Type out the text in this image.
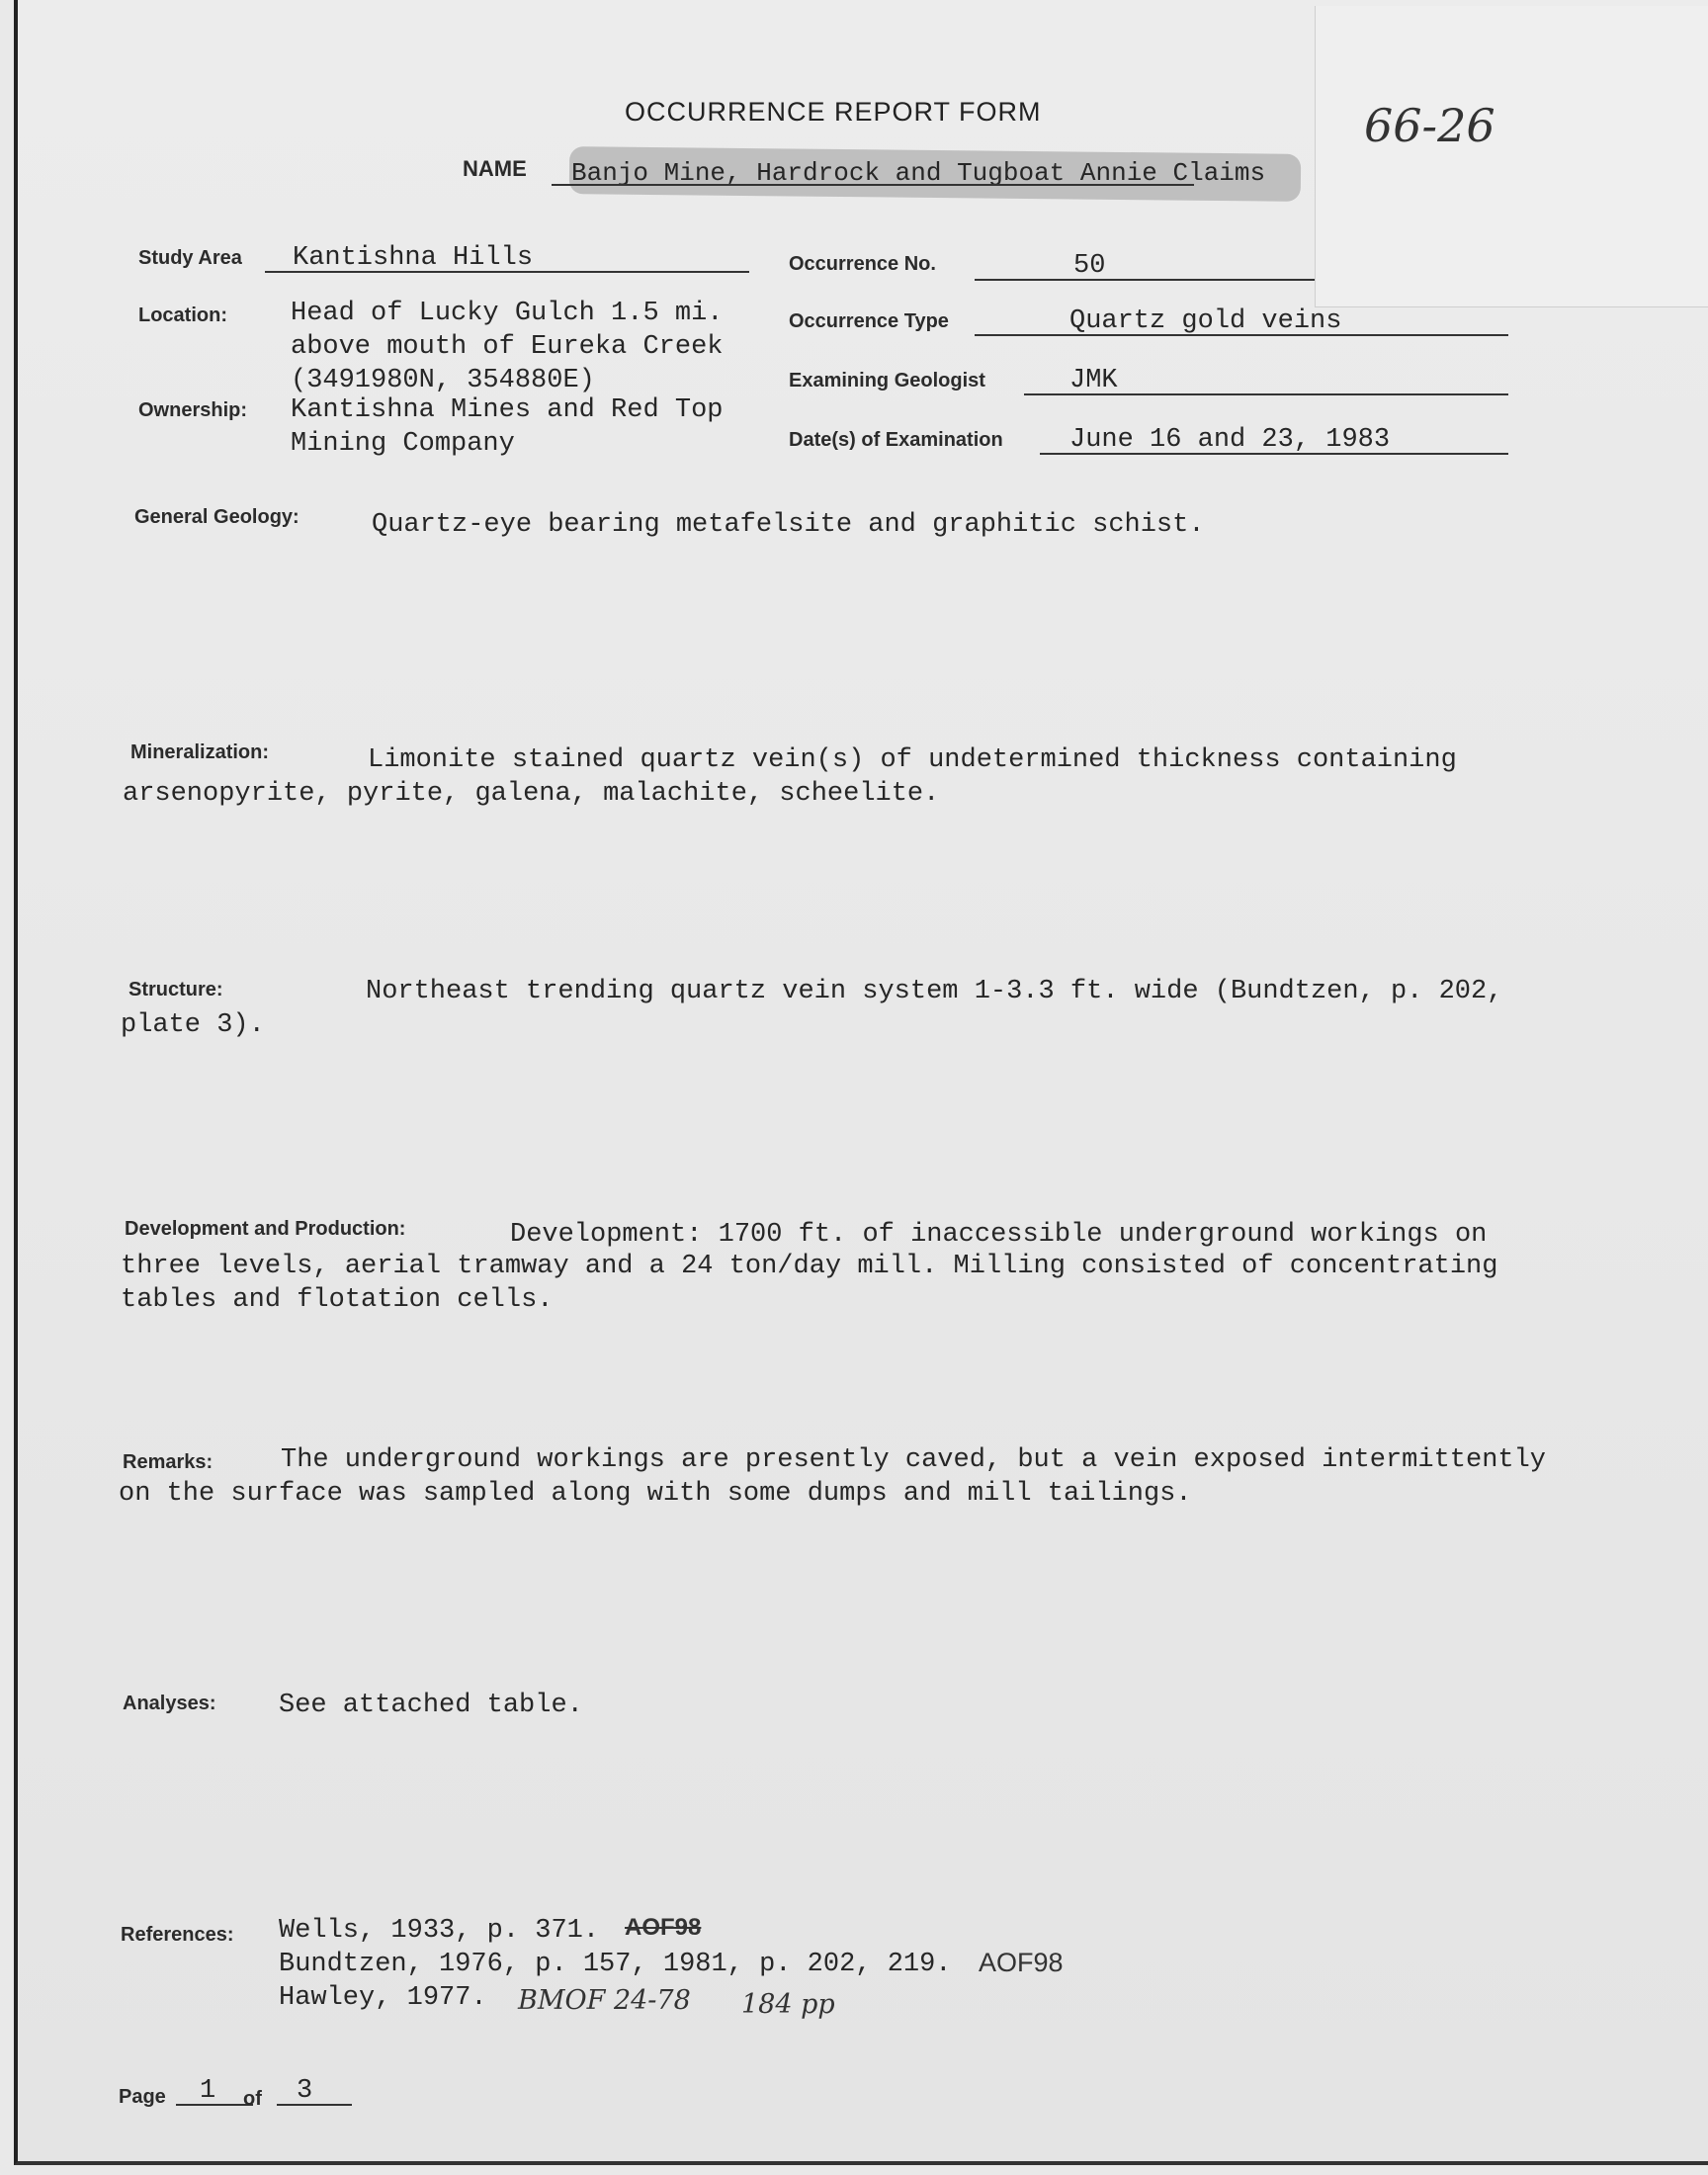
66-26
OCCURRENCE REPORT FORM
NAME Banjo Mine, Hardrock and Tugboat Annie Claims
Study Area Kantishna Hills	Occurrence No.	50
Location: Head of Lucky Gulch 1.5 mi.
above mouth of Eureka Creek
(3491980N, 354880E)
Occurrence Type	Quartz gold veins
Examining Geologist	JMK
Ownership: Kantishna Mines and Red Top
Mining Company	Date(s) of Examination June 16 and 23, 1983
General Geology:	Quartz-eye bearing metafelsite and graphitic schist.
Mineralization:	Limonite stained quartz vein(s) of undetermined thickness containing
arsenopyrite, pyrite, galena, malachite, scheelite.
Structure:	Northeast trending quartz vein system 1-3.3 ft. wide (Bundtzen, p. 202,
plate 3).
Development and Production:	Development: 1700 ft. of inaccessible underground workings on
three levels, aerial tramway and a 24 ton/day mill. Milling consisted of concentrating
tables and flotation cells.
Remarks:	The underground workings are presently caved, but a vein exposed intermittently
on the surface was sampled along with some dumps and mill tailings.
Analyses: See attached table.
References: Wells, 1933, p. 371. AOF98
Bundtzen, 1976, p. 157, 1981, p. 202, 219. AOF98
Hawley, 1977. BMOF 24-78 184 pp
Page 1 of 3
